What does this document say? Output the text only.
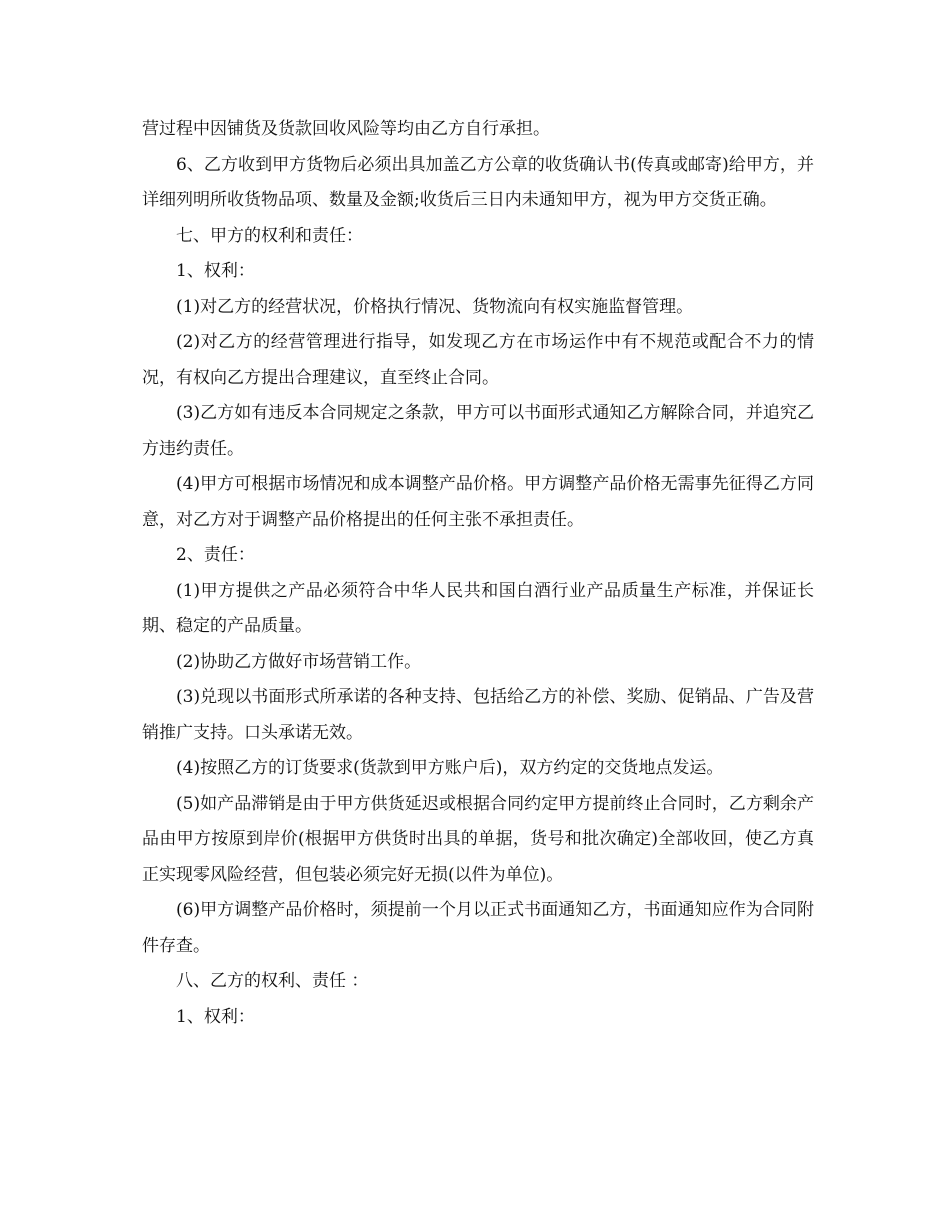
营过程中因铺货及货款回收风险等均由乙方自行承担。

6、乙方收到甲方货物后必须出具加盖乙方公章的收货确认书(传真或邮寄)给甲方，并详细列明所收货物品项、数量及金额;收货后三日内未通知甲方，视为甲方交货正确。

七、甲方的权利和责任：

1、权利：

(1)对乙方的经营状况，价格执行情况、货物流向有权实施监督管理。

(2)对乙方的经营管理进行指导，如发现乙方在市场运作中有不规范或配合不力的情况，有权向乙方提出合理建议，直至终止合同。

(3)乙方如有违反本合同规定之条款，甲方可以书面形式通知乙方解除合同，并追究乙方违约责任。

(4)甲方可根据市场情况和成本调整产品价格。甲方调整产品价格无需事先征得乙方同意，对乙方对于调整产品价格提出的任何主张不承担责任。

2、责任：

(1)甲方提供之产品必须符合中华人民共和国白酒行业产品质量生产标准，并保证长期、稳定的产品质量。

(2)协助乙方做好市场营销工作。

(3)兑现以书面形式所承诺的各种支持、包括给乙方的补偿、奖励、促销品、广告及营销推广支持。口头承诺无效。

(4)按照乙方的订货要求(货款到甲方账户后)，双方约定的交货地点发运。

(5)如产品滞销是由于甲方供货延迟或根据合同约定甲方提前终止合同时，乙方剩余产品由甲方按原到岸价(根据甲方供货时出具的单据，货号和批次确定)全部收回，使乙方真正实现零风险经营，但包装必须完好无损(以件为单位)。

(6)甲方调整产品价格时，须提前一个月以正式书面通知乙方，书面通知应作为合同附件存查。

八、乙方的权利、责任 ：

1、权利：
